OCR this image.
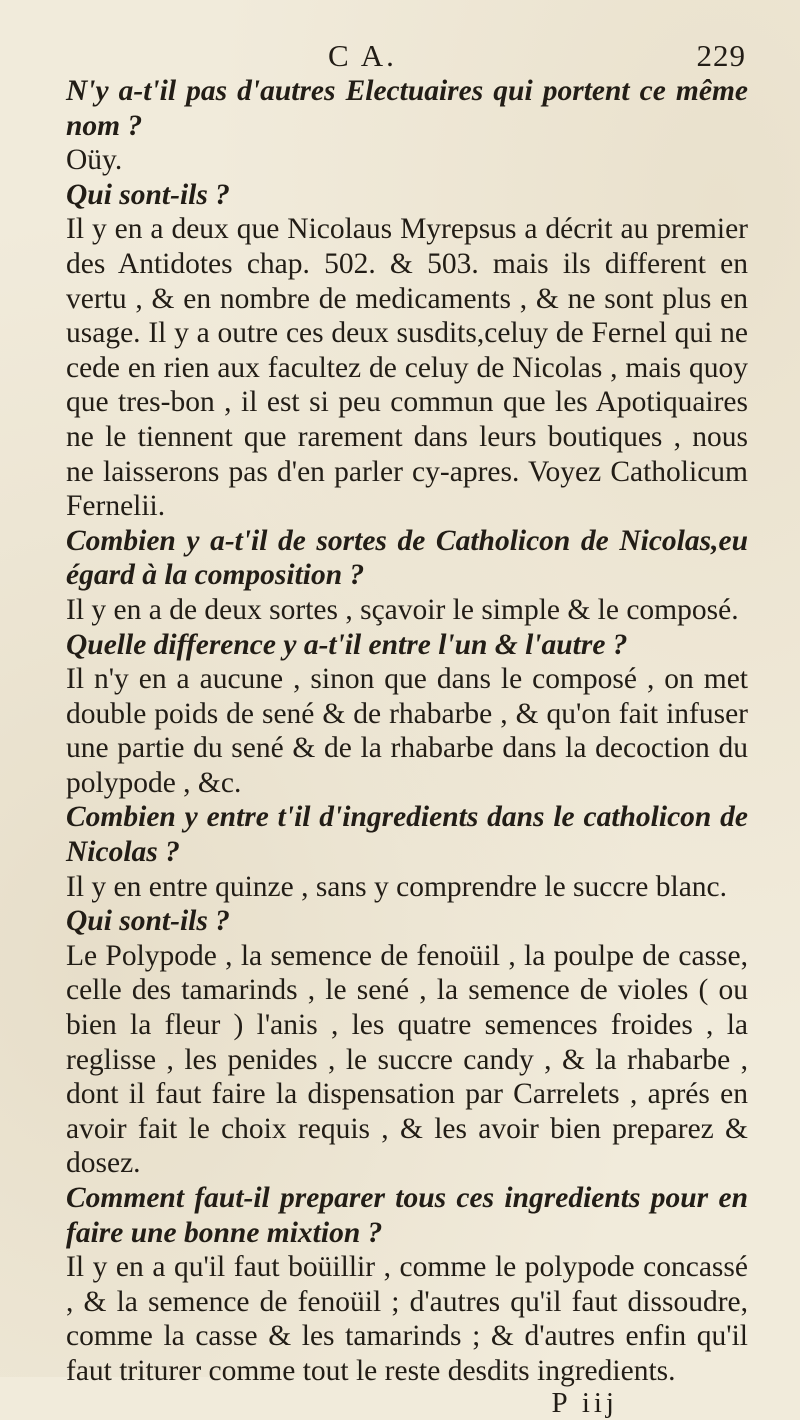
C A.	229

N'y a-t'il pas d'autres Electuaires qui portent ce même nom ?

Oüy.

Qui sont-ils ?

Il y en a deux que Nicolaus Myrepsus a décrit au premier des Antidotes chap. 502. & 503. mais ils different en vertu , & en nombre de medicaments , & ne sont plus en usage. Il y a outre ces deux susdits,celuy de Fernel qui ne cede en rien aux facultez de celuy de Nicolas , mais quoy que tres-bon , il est si peu commun que les Apotiquaires ne le tiennent que rarement dans leurs boutiques , nous ne laisserons pas d'en parler cy-apres. Voyez Catholicum Fernelii.

Combien y a-t'il de sortes de Catholicon de Nicolas,eu égard à la composition ?

Il y en a de deux sortes , sçavoir le simple & le composé.

Quelle difference y a-t'il entre l'un & l'autre ?

Il n'y en a aucune , sinon que dans le composé , on met double poids de sené & de rhabarbe , & qu'on fait infuser une partie du sené & de la rhabarbe dans la decoction du polypode , &c.

Combien y entre t'il d'ingredients dans le catholicon de Nicolas ?

Il y en entre quinze , sans y comprendre le succre blanc.

Qui sont-ils ?

Le Polypode , la semence de fenoüil , la poulpe de casse, celle des tamarinds , le sené , la semence de violes ( ou bien la fleur ) l'anis , les quatre semences froides , la reglisse , les penides , le succre candy , & la rhabarbe , dont il faut faire la dispensation par Carrelets , aprés en avoir fait le choix requis , & les avoir bien preparez & dosez.

Comment faut-il preparer tous ces ingredients pour en faire une bonne mixtion ?

Il y en a qu'il faut boüillir , comme le polypode concassé , & la semence de fenoüil ; d'autres qu'il faut dissoudre, comme la casse & les tamarinds ; & d'autres enfin qu'il faut triturer comme tout le reste desdits ingredients.

P iij
